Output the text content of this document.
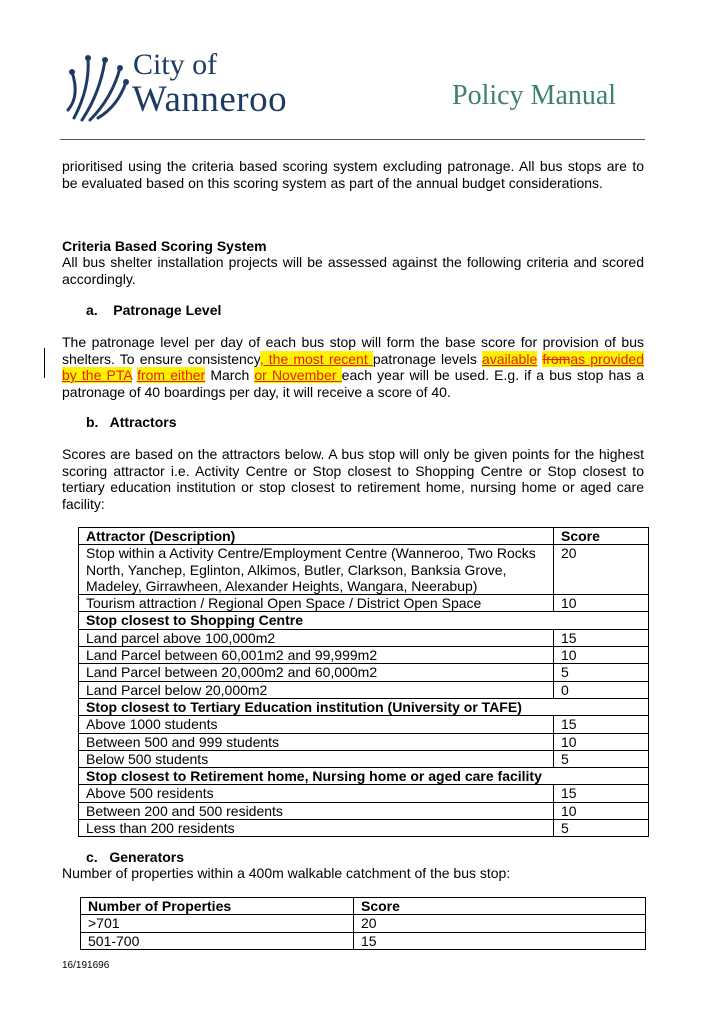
City of
Wanneroo	Policy Manual
prioritised using the criteria based scoring system excluding patronage. All bus stops are to be evaluated based on this scoring system as part of the annual budget considerations.
Criteria Based Scoring System
All bus shelter installation projects will be assessed against the following criteria and scored accordingly.
a.    Patronage Level
The patronage level per day of each bus stop will form the base score for provision of bus shelters. To ensure consistency, the most recent patronage levels available fromas provided by the PTA from either March or November each year will be used. E.g. if a bus stop has a patronage of 40 boardings per day, it will receive a score of 40.
b.   Attractors
Scores are based on the attractors below. A bus stop will only be given points for the highest scoring attractor i.e. Activity Centre or Stop closest to Shopping Centre or Stop closest to tertiary education institution or stop closest to retirement home, nursing home or aged care facility:
Attractor (Description)	Score
Stop within a Activity Centre/Employment Centre (Wanneroo, Two Rocks North, Yanchep, Eglinton, Alkimos, Butler, Clarkson, Banksia Grove, Madeley, Girrawheen, Alexander Heights, Wangara, Neerabup)	20
Tourism attraction / Regional Open Space / District Open Space	10
Stop closest to Shopping Centre	
Land parcel above 100,000m2	15
Land Parcel between 60,001m2 and 99,999m2	10
Land Parcel between 20,000m2 and 60,000m2	5
Land Parcel below 20,000m2	0
Stop closest to Tertiary Education institution (University or TAFE)	
Above 1000 students	15
Between 500 and 999 students	10
Below 500 students	5
Stop closest to Retirement home, Nursing home or aged care facility	
Above 500 residents	15
Between 200 and 500 residents	10
Less than 200 residents	5
c.   Generators
Number of properties within a 400m walkable catchment of the bus stop:
Number of Properties	Score
>701	20
501-700	15
16/191696
